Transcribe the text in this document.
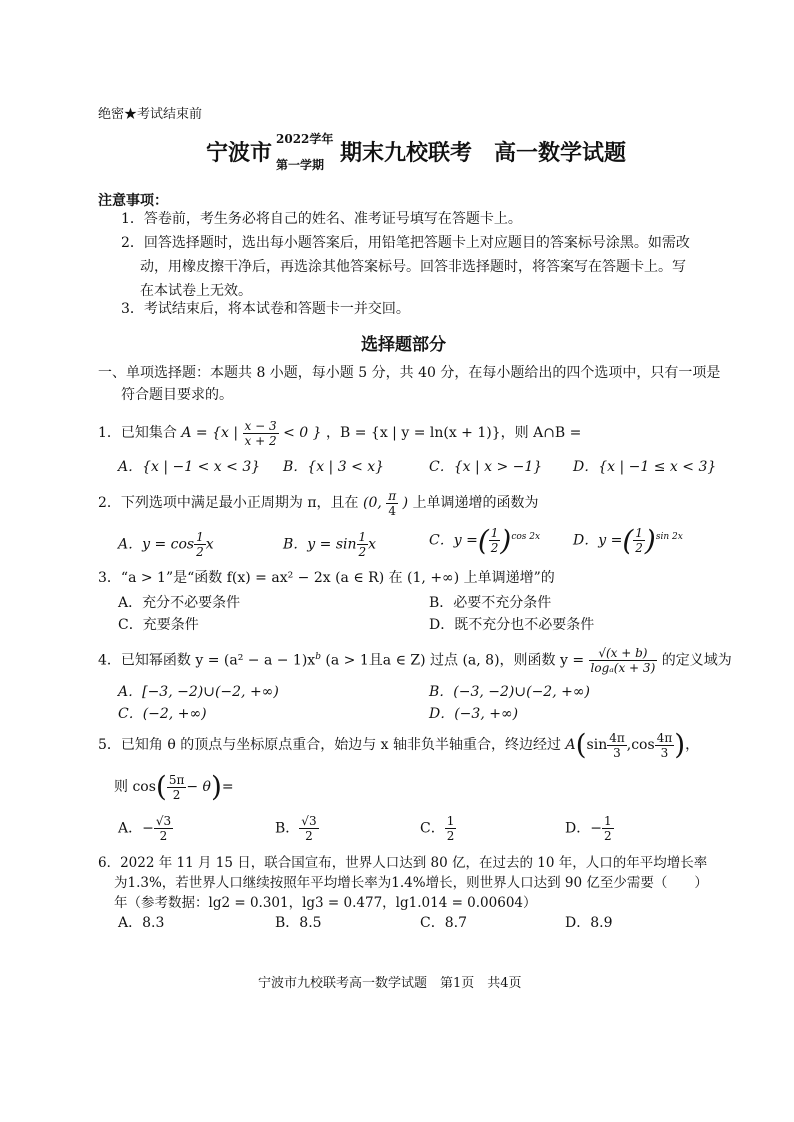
绝密★考试结束前
宁波市
2022学年
第一学期 期末九校联考 高一数学试题
注意事项：
1．答卷前，考生务必将自己的姓名、准考证号填写在答题卡上。
2．回答选择题时，选出每小题答案后，用铅笔把答题卡上对应题目的答案标号涂黑。如需改
动，用橡皮擦干净后，再选涂其他答案标号。回答非选择题时，将答案写在答题卡上。写
在本试卷上无效。
3．考试结束后，将本试卷和答题卡一并交回。
选择题部分
一、单项选择题：本题共 8 小题，每小题 5 分，共 40 分，在每小题给出的四个选项中，只有一项是
符合题目要求的。
1．已知集合 A = {x | $\frac{x - 3}{x + 2} < 0$ } ，B = {x | y = ln(x + 1)}，则 A∩B =
A．{x | −1 < x < 3} B．{x | 3 < x}	C．{x | x > −1} D．{x | −1 ≤ x < 3}
2．下列选项中满足最小正周期为 π，且在 (0, $\frac{\pi}{4}$ ) 上单调递增的函数为
A．$y = \cos \frac{1}{2}$ x	B．$y = \sin \frac{1}{2}$ x	C．y =( $\frac{1}{2} )^{cos 2x}$ D．y =( $\frac{1}{2} )^{sin 2x}$
3．“a > 1”是“函数 f(x) = ax² − 2x (a ∈ R) 在 (1, +∞) 上单调递增”的
A．充分不必要条件	B．必要不充分条件
C．充要条件	D．既不充分也不必要条件
4．已知幂函数 $y = (a^2 - a - 1)x^b$ (a > 1且a ∈ Z) 过点 (a, 8)，则函数 $y = \frac{√(x + b)}{\text{logₐ(x + 3)}}$ 的定义域为
A．[−3, −2)∪(−2, +∞)	B．(−3, −2)∪(−2, +∞)
C．(−2, +∞)	D．(−3, +∞)
5．已知角 θ 的顶点与坐标原点重合，始边与 x 轴非负半轴重合，终边经过 $A(\sin \frac{4\pi}{3} ,\cos \frac{4\pi}{3}$ )，
则 $\cos( \frac{5\pi}{2} - \theta)=$
A．− $\frac{√3}{2}$	B． $\frac{√3}{2}$	C． $\frac{1}{2}$	D．− $\frac{1}{2}$
6．2022 年 11 月 15 日，联合国宣布，世界人口达到 80 亿，在过去的 10 年，人口的年平均增长率
为1.3%，若世界人口继续按照年平均增长率为1.4%增长，则世界人口达到 90 亿至少需要（　　）
年（参考数据：lg2 = 0.301，lg3 = 0.477，lg1.014 = 0.00604）
A．8.3	B．8.5	C．8.7	D．8.9
宁波市九校联考高一数学试题　第1页　共4页
